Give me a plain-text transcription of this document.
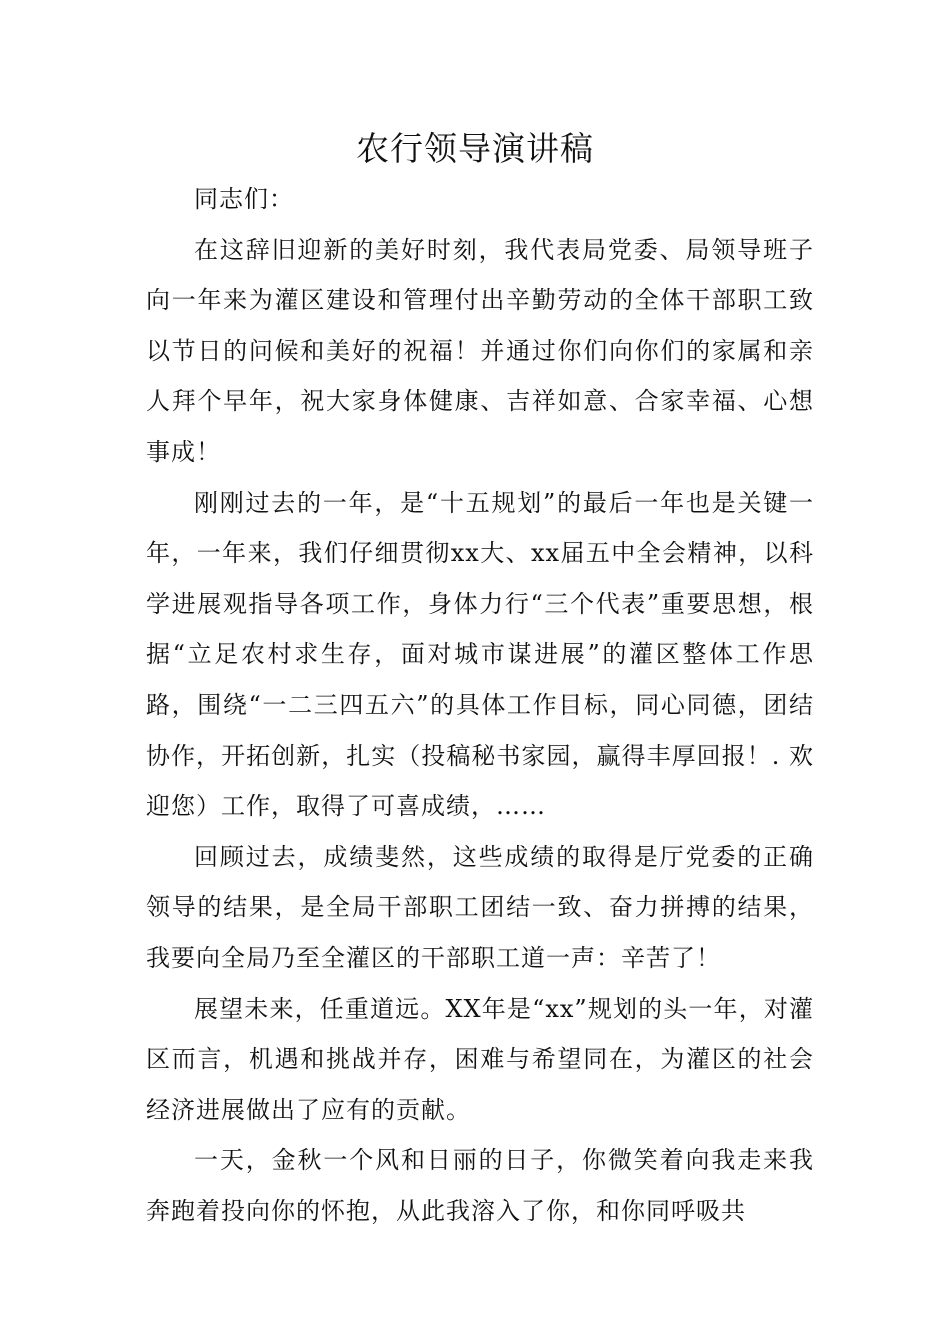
农行领导演讲稿

同志们：

在这辞旧迎新的美好时刻，我代表局党委、局领导班子向一年来为灌区建设和管理付出辛勤劳动的全体干部职工致以节日的问候和美好的祝福！并通过你们向你们的家属和亲人拜个早年，祝大家身体健康、吉祥如意、合家幸福、心想事成！

刚刚过去的一年，是“十五规划”的最后一年也是关键一年，一年来，我们仔细贯彻xx大、xx届五中全会精神，以科学进展观指导各项工作，身体力行“三个代表”重要思想，根据“立足农村求生存，面对城市谋进展”的灌区整体工作思路，围绕“一二三四五六”的具体工作目标，同心同德，团结协作，开拓创新，扎实（投稿秘书家园，赢得丰厚回报！. 欢迎您）工作，取得了可喜成绩，……

回顾过去，成绩斐然，这些成绩的取得是厅党委的正确领导的结果，是全局干部职工团结一致、奋力拼搏的结果，我要向全局乃至全灌区的干部职工道一声：辛苦了！

展望未来，任重道远。XX年是“xx”规划的头一年，对灌区而言，机遇和挑战并存，困难与希望同在，为灌区的社会经济进展做出了应有的贡献。

一天，金秋一个风和日丽的日子，你微笑着向我走来我奔跑着投向你的怀抱，从此我溶入了你，和你同呼吸共
